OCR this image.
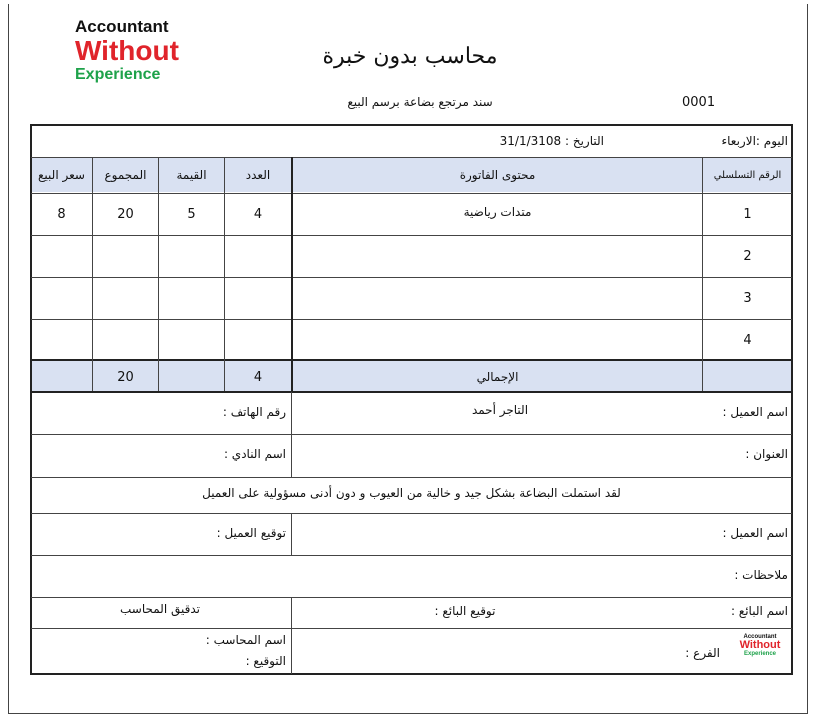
Accountant
Without
Experience
محاسب بدون خبرة
سند مرتجع بضاعة برسم البيع	0001
اليوم :الاربعاء
التاريخ : 31/1/3108
الرقم التسلسلي
محتوى الفاتورة
العدد
القيمة
المجموع
سعر البيع
1
متدات رياضية
4
5
20
8
2
3
4
الإجمالي
4
20
اسم العميل :
التاجر أحمد
رقم الهاتف :
العنوان :
اسم النادي :
لقد استملت البضاعة بشكل جيد و خالية من العيوب و دون أدنى مسؤولية على العميل
اسم العميل :
توقيع العميل :
ملاحظات :
اسم البائع :
توقيع البائع :
تدقيق المحاسب
الفرع :
اسم المحاسب :
التوقيع :
Accountant
Without
Experience
